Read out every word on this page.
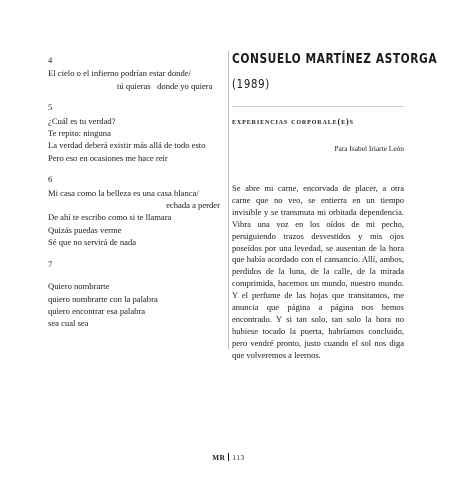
4
El cielo o el infierno podrían estar donde/
tú quieras   donde yo quiera
5
¿Cuál es tu verdad?
Te repito: ninguna
La verdad deberá existir más allá de todo esto
Pero eso en ocasiones me hace reír
6
Mi casa como la belleza es una casa blanca/
echada a perder
De ahí te escribo como si te llamara
Quizás puedas verme
Sé que no servirá de nada
7
Quiero nombrarte
quiero nombrarte con la palabra
quiero encontrar esa palabra
sea cual sea
CONSUELO MARTÍNEZ ASTORGA
(1989)
experiencias corporale(e)s
Para Isabel Iriarte León
Se abre mi carne, encorvada de placer, a otra carne que no veo, se entierra en un tiempo invisible y se transmuta mi orbitada dependencia. Vibra una voz en los oídos de mi pecho, persiguiendo trazos desvestidos y mis ojos poseídos por una levedad, se ausentan de la hora que había acordado con el cansancio. Allí, ambos, perdidos de la luna, de la calle, de la mirada comprimida, hacemos un mundo, nuestro mundo. Y el perfume de las hojas que transitamos, me anuncia que página a página nos hemos encontrado. Y si tan solo, tan solo la hora no hubiese tocado la puerta, habríamos concluido, pero vendré pronto, justo cuando el sol nos diga que volveremos a leernos.
MR 113
